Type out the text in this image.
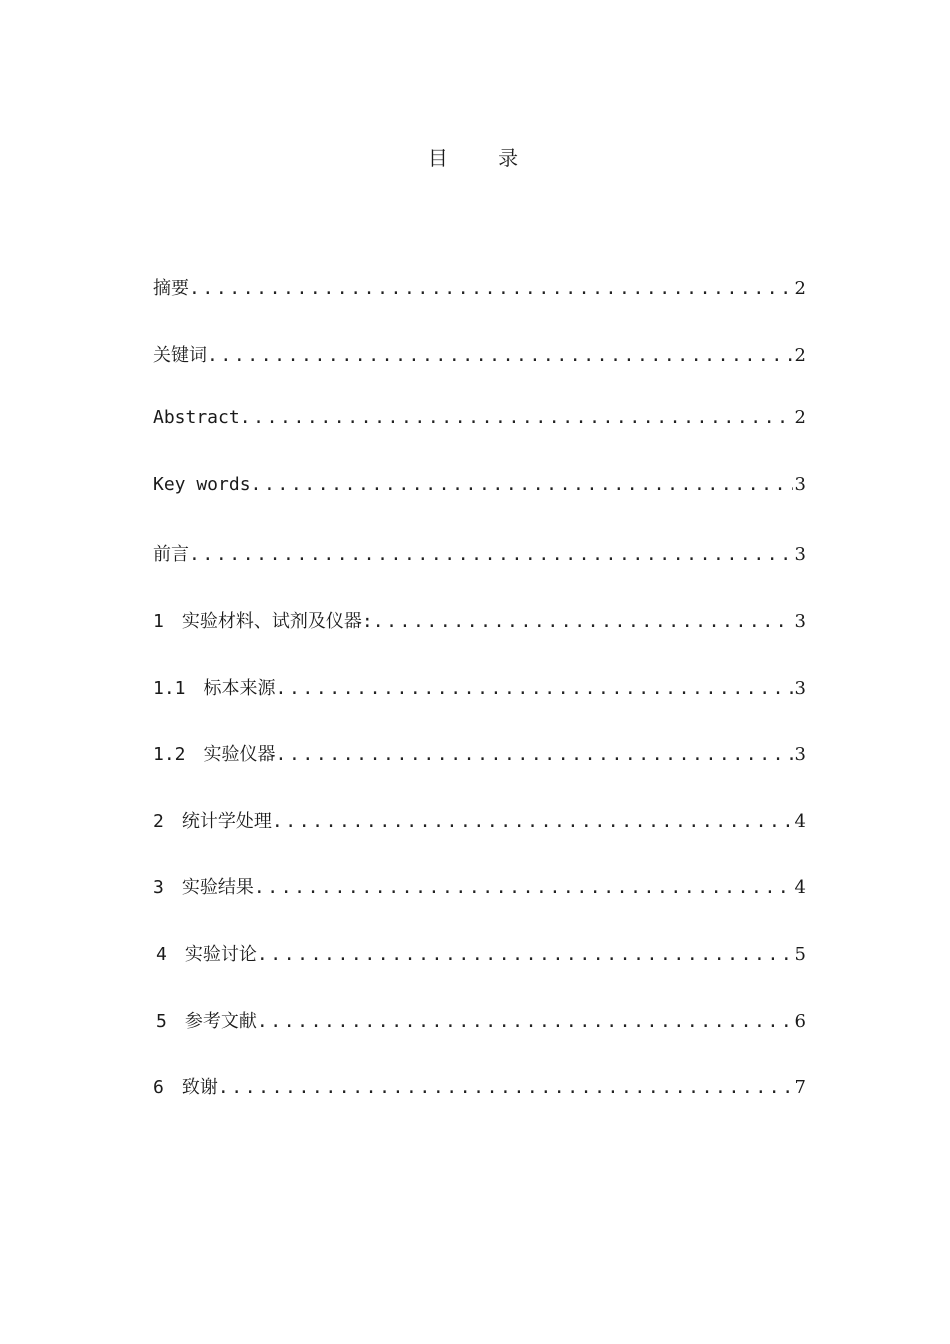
目 录
摘要 .....	2
关键词 .....	2
Abstract .....	2
Key words .....	3
前言 .....	3
1 实验材料、试剂及仪器: .....	3
1.1 标本来源 .....	3
1.2 实验仪器 .....	3
2 统计学处理 .....	4
3 实验结果 .....	4
4 实验讨论 .....	5
5 参考文献 .....	6
6 致谢 .....	7
